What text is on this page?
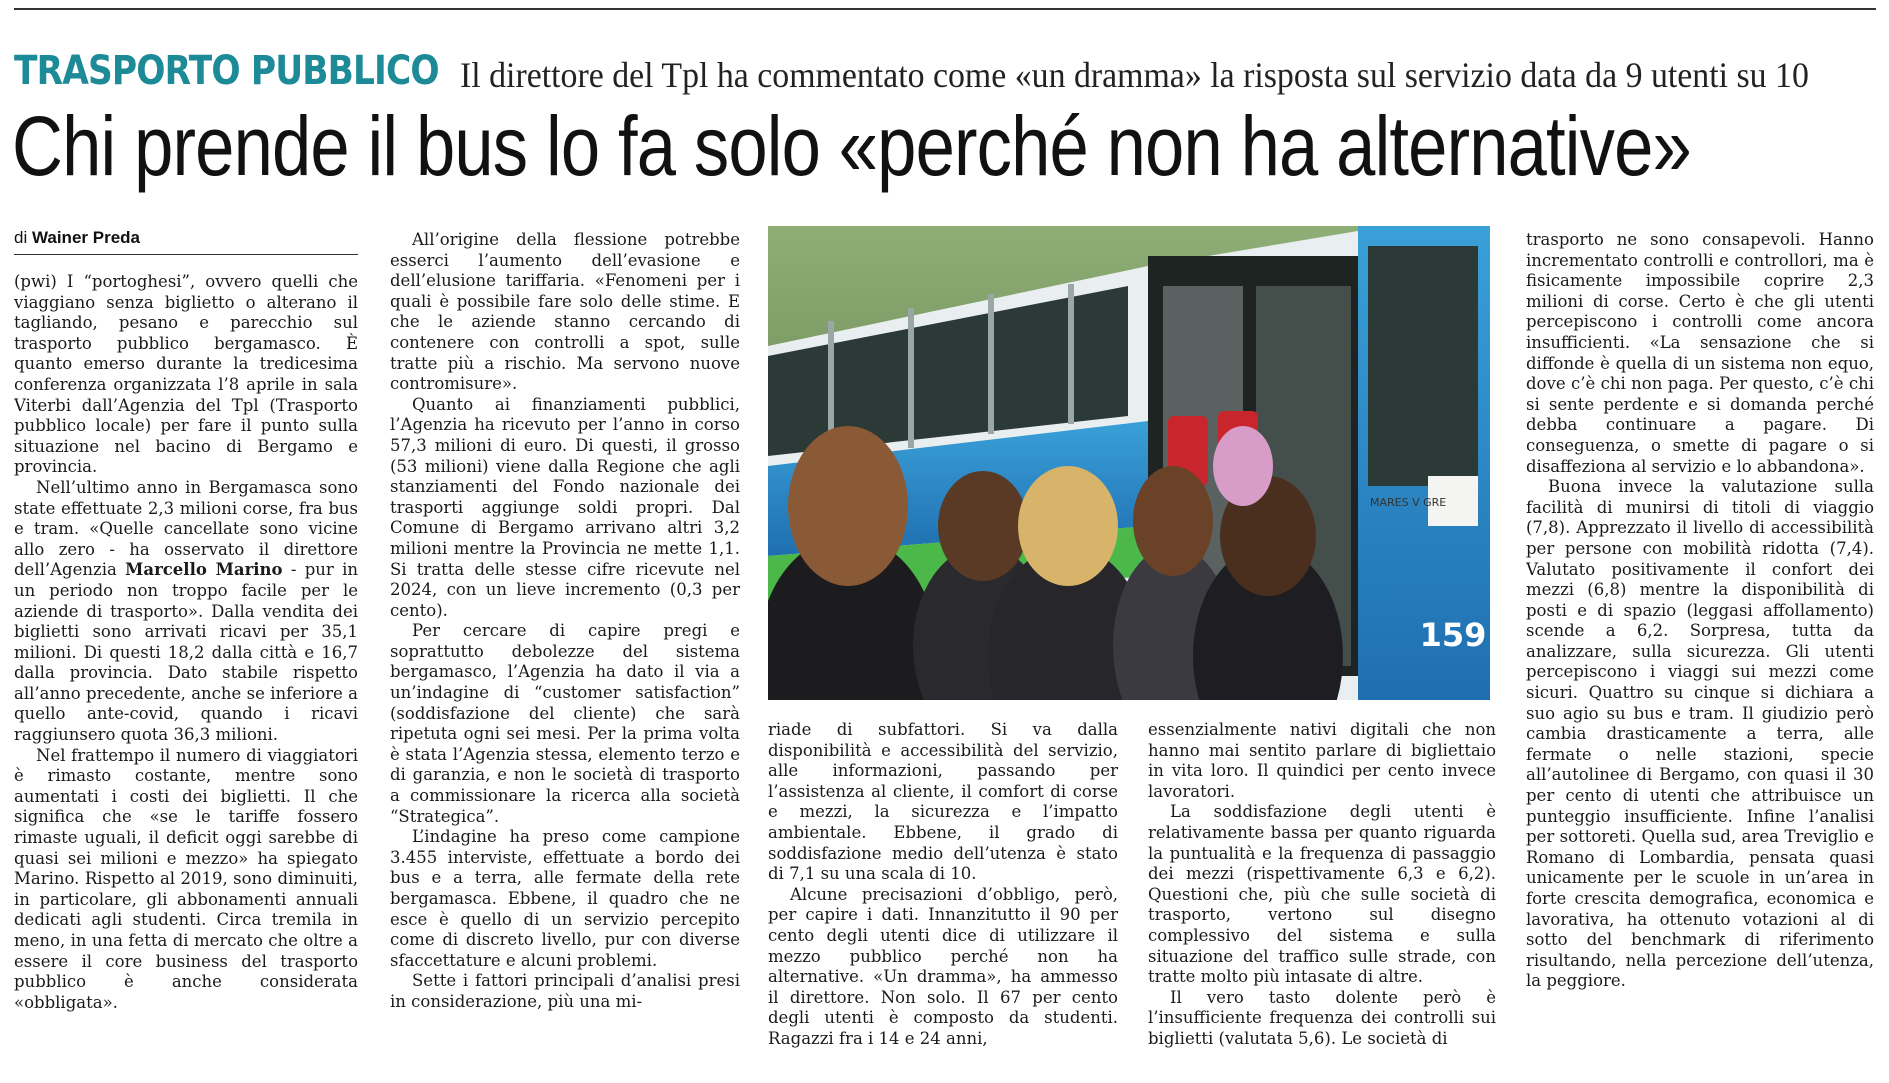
TRASPORTO PUBBLICO Il direttore del Tpl ha commentato come «un dramma» la risposta sul servizio data da 9 utenti su 10
Chi prende il bus lo fa solo «perché non ha alternative»
di Wainer Preda

(pwi) I “portoghesi”, ovvero quelli che viaggiano senza biglietto o alterano il tagliando, pesano e parecchio sul trasporto pubblico bergamasco. È quanto emerso durante la tredicesima conferenza organizzata l’8 aprile in sala Viterbi dall’Agenzia del Tpl (Trasporto pubblico locale) per fare il punto sulla situazione nel bacino di Bergamo e provincia.

Nell’ultimo anno in Bergamasca sono state effettuate 2,3 milioni corse, fra bus e tram. «Quelle cancellate sono vicine allo zero - ha osservato il direttore dell’Agenzia Marcello Marino - pur in un periodo non troppo facile per le aziende di trasporto». Dalla vendita dei biglietti sono arrivati ricavi per 35,1 milioni. Di questi 18,2 dalla città e 16,7 dalla provincia. Dato stabile rispetto all’anno precedente, anche se inferiore a quello ante-covid, quando i ricavi raggiunsero quota 36,3 milioni.

Nel frattempo il numero di viaggiatori è rimasto costante, mentre sono aumentati i costi dei biglietti. Il che significa che «se le tariffe fossero rimaste uguali, il deficit oggi sarebbe di quasi sei milioni e mezzo» ha spiegato Marino. Rispetto al 2019, sono diminuiti, in particolare, gli abbonamenti annuali dedicati agli studenti. Circa tremila in meno, in una fetta di mercato che oltre a essere il core business del trasporto pubblico è anche considerata «obbligata».

All’origine della flessione potrebbe esserci l’aumento dell’evasione e dell’elusione tariffaria. «Fenomeni per i quali è possibile fare solo delle stime. E che le aziende stanno cercando di contenere con controlli a spot, sulle tratte più a rischio. Ma servono nuove contromisure».

Quanto ai finanziamenti pubblici, l’Agenzia ha ricevuto per l’anno in corso 57,3 milioni di euro. Di questi, il grosso (53 milioni) viene dalla Regione che agli stanziamenti del Fondo nazionale dei trasporti aggiunge soldi propri. Dal Comune di Bergamo arrivano altri 3,2 milioni mentre la Provincia ne mette 1,1. Si tratta delle stesse cifre ricevute nel 2024, con un lieve incremento (0,3 per cento).

Per cercare di capire pregi e soprattutto debolezze del sistema bergamasco, l’Agenzia ha dato il via a un’indagine di “customer satisfaction” (soddisfazione del cliente) che sarà ripetuta ogni sei mesi. Per la prima volta è stata l’Agenzia stessa, elemento terzo e di garanzia, e non le società di trasporto a commissionare la ricerca alla società “Strategica”.

L’indagine ha preso come campione 3.455 interviste, effettuate a bordo dei bus e a terra, alle fermate della rete bergamasca. Ebbene, il quadro che ne esce è quello di un servizio percepito come di discreto livello, pur con diverse sfaccettature e alcuni problemi.

Sette i fattori principali d’analisi presi in considerazione, più una mi-

159
MARES V GRE

riade di subfattori. Si va dalla disponibilità e accessibilità del servizio, alle informazioni, passando per l’assistenza al cliente, il comfort di corse e mezzi, la sicurezza e l’impatto ambientale. Ebbene, il grado di soddisfazione medio dell’utenza è stato di 7,1 su una scala di 10.

Alcune precisazioni d’obbligo, però, per capire i dati. Innanzitutto il 90 per cento degli utenti dice di utilizzare il mezzo pubblico perché non ha alternative. «Un dramma», ha ammesso il direttore. Non solo. Il 67 per cento degli utenti è composto da studenti. Ragazzi fra i 14 e 24 anni,

essenzialmente nativi digitali che non hanno mai sentito parlare di bigliettaio in vita loro. Il quindici per cento invece lavoratori.

La soddisfazione degli utenti è relativamente bassa per quanto riguarda la puntualità e la frequenza di passaggio dei mezzi (rispettivamente 6,3 e 6,2). Questioni che, più che sulle società di trasporto, vertono sul disegno complessivo del sistema e sulla situazione del traffico sulle strade, con tratte molto più intasate di altre.

Il vero tasto dolente però è l’insufficiente frequenza dei controlli sui biglietti (valutata 5,6). Le società di

trasporto ne sono consapevoli. Hanno incrementato controlli e controllori, ma è fisicamente impossibile coprire 2,3 milioni di corse. Certo è che gli utenti percepiscono i controlli come ancora insufficienti. «La sensazione che si diffonde è quella di un sistema non equo, dove c’è chi non paga. Per questo, c’è chi si sente perdente e si domanda perché debba continuare a pagare. Di conseguenza, o smette di pagare o si disaffeziona al servizio e lo abbandona».

Buona invece la valutazione sulla facilità di munirsi di titoli di viaggio (7,8). Apprezzato il livello di accessibilità per persone con mobilità ridotta (7,4). Valutato positivamente il confort dei mezzi (6,8) mentre la disponibilità di posti e di spazio (leggasi affollamento) scende a 6,2. Sorpresa, tutta da analizzare, sulla sicurezza. Gli utenti percepiscono i viaggi sui mezzi come sicuri. Quattro su cinque si dichiara a suo agio su bus e tram. Il giudizio però cambia drasticamente a terra, alle fermate o nelle stazioni, specie all’autolinee di Bergamo, con quasi il 30 per cento di utenti che attribuisce un punteggio insufficiente. Infine l’analisi per sottoreti. Quella sud, area Treviglio e Romano di Lombardia, pensata quasi unicamente per le scuole in un’area in forte crescita demografica, economica e lavorativa, ha ottenuto votazioni al di sotto del benchmark di riferimento risultando, nella percezione dell’utenza, la peggiore.
